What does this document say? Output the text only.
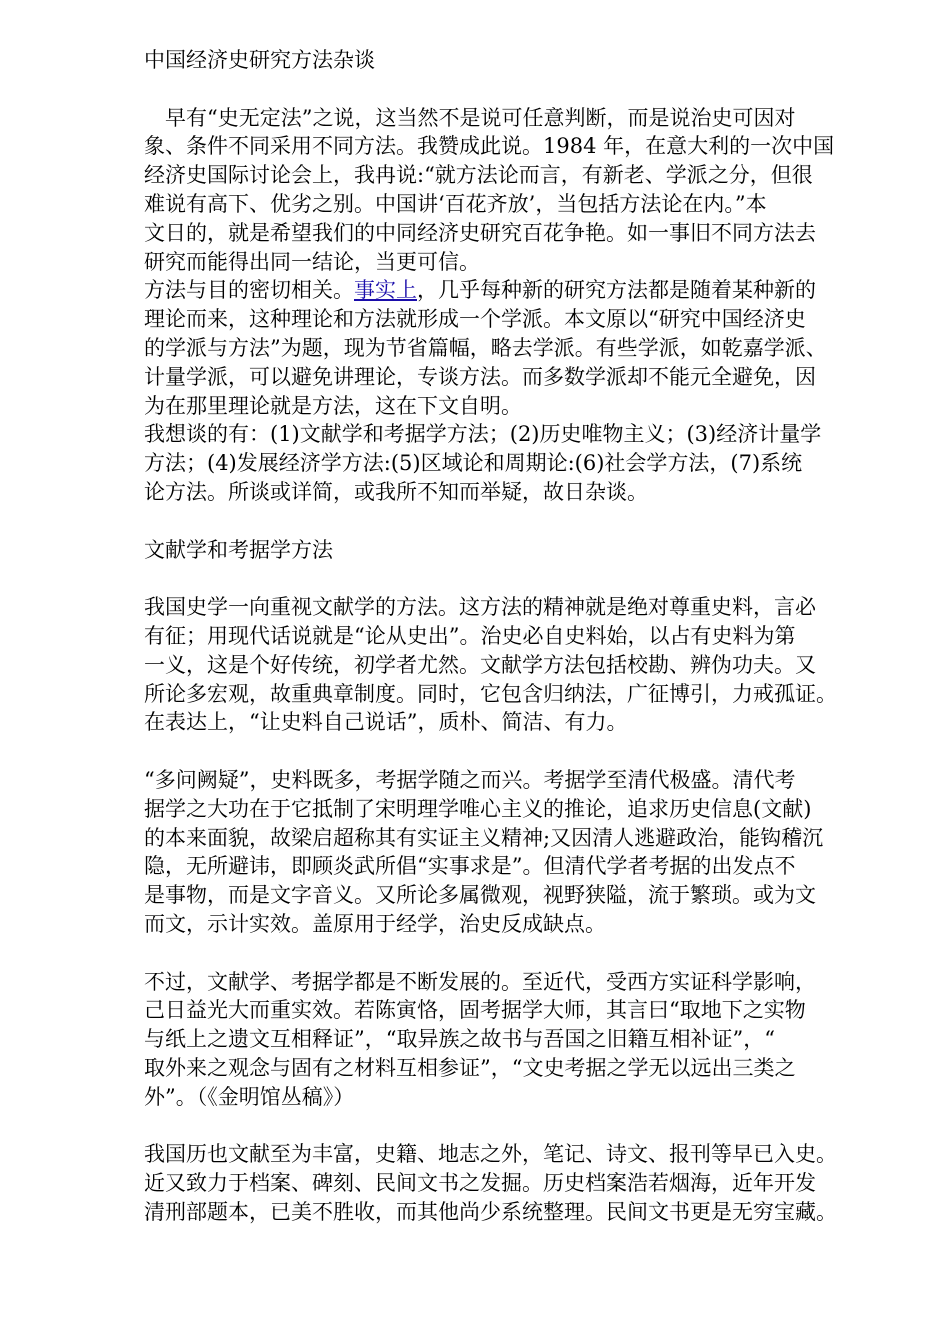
中国经济史研究方法杂谈
早有“史无定法”之说，这当然不是说可任意判断，而是说治史可因对
象、条件不同采用不同方法。我赞成此说。1984 年，在意大利的一次中国
经济史国际讨论会上，我冉说:“就方法论而言，有新老、学派之分，但很
难说有高下、优劣之别。中国讲‘百花齐放’，当包括方法论在内。”本
文日的，就是希望我们的中同经济史研究百花争艳。如一事旧不同方法去
研究而能得出同一结论，当更可信。
方法与目的密切相关。事实上，几乎每种新的研究方法都是随着某种新的
理论而来，这种理论和方法就形成一个学派。本文原以“研究中国经济史
的学派与方法”为题，现为节省篇幅，略去学派。有些学派，如乾嘉学派、
计量学派，可以避免讲理论，专谈方法。而多数学派却不能元全避免，因
为在那里理论就是方法，这在下文自明。
我想谈的有：(1)文献学和考据学方法；(2)历史唯物主义；(3)经济计量学
方法；(4)发展经济学方法:(5)区域论和周期论:(6)社会学方法，(7)系统
论方法。所谈或详简，或我所不知而举疑，故日杂谈。
文献学和考据学方法
我国史学一向重视文献学的方法。这方法的精神就是绝对尊重史料，言必
有征；用现代话说就是“论从史出”。治史必自史料始，以占有史料为第
一义，这是个好传统，初学者尤然。文献学方法包括校勘、辨伪功夫。又
所论多宏观，故重典章制度。同时，它包含归纳法，广征博引，力戒孤证。
在表达上，“让史料自己说话”，质朴、简洁、有力。
“多问阙疑”，史料既多，考据学随之而兴。考据学至清代极盛。清代考
据学之大功在于它抵制了宋明理学唯心主义的推论，追求历史信息(文献)
的本来面貌，故梁启超称其有实证主义精神;又因清人逃避政治，能钩稽沉
隐，无所避讳，即顾炎武所倡“实事求是”。但清代学者考据的出发点不
是事物，而是文字音义。又所论多属微观，视野狭隘，流于繁琐。或为文
而文，示计实效。盖原用于经学，治史反成缺点。
不过，文献学、考据学都是不断发展的。至近代，受西方实证科学影响，
己日益光大而重实效。若陈寅恪，固考据学大师，其言曰“取地下之实物
与纸上之遗文互相释证”，“取异族之故书与吾国之旧籍互相补证”，“
取外来之观念与固有之材料互相参证”，“文史考据之学无以远出三类之
外”。（《金明馆丛稿》）
我国历也文献至为丰富，史籍、地志之外，笔记、诗文、报刊等早已入史。
近又致力于档案、碑刻、民间文书之发掘。历史档案浩若烟海，近年开发
清刑部题本，已美不胜收，而其他尚少系统整理。民间文书更是无穷宝藏。
